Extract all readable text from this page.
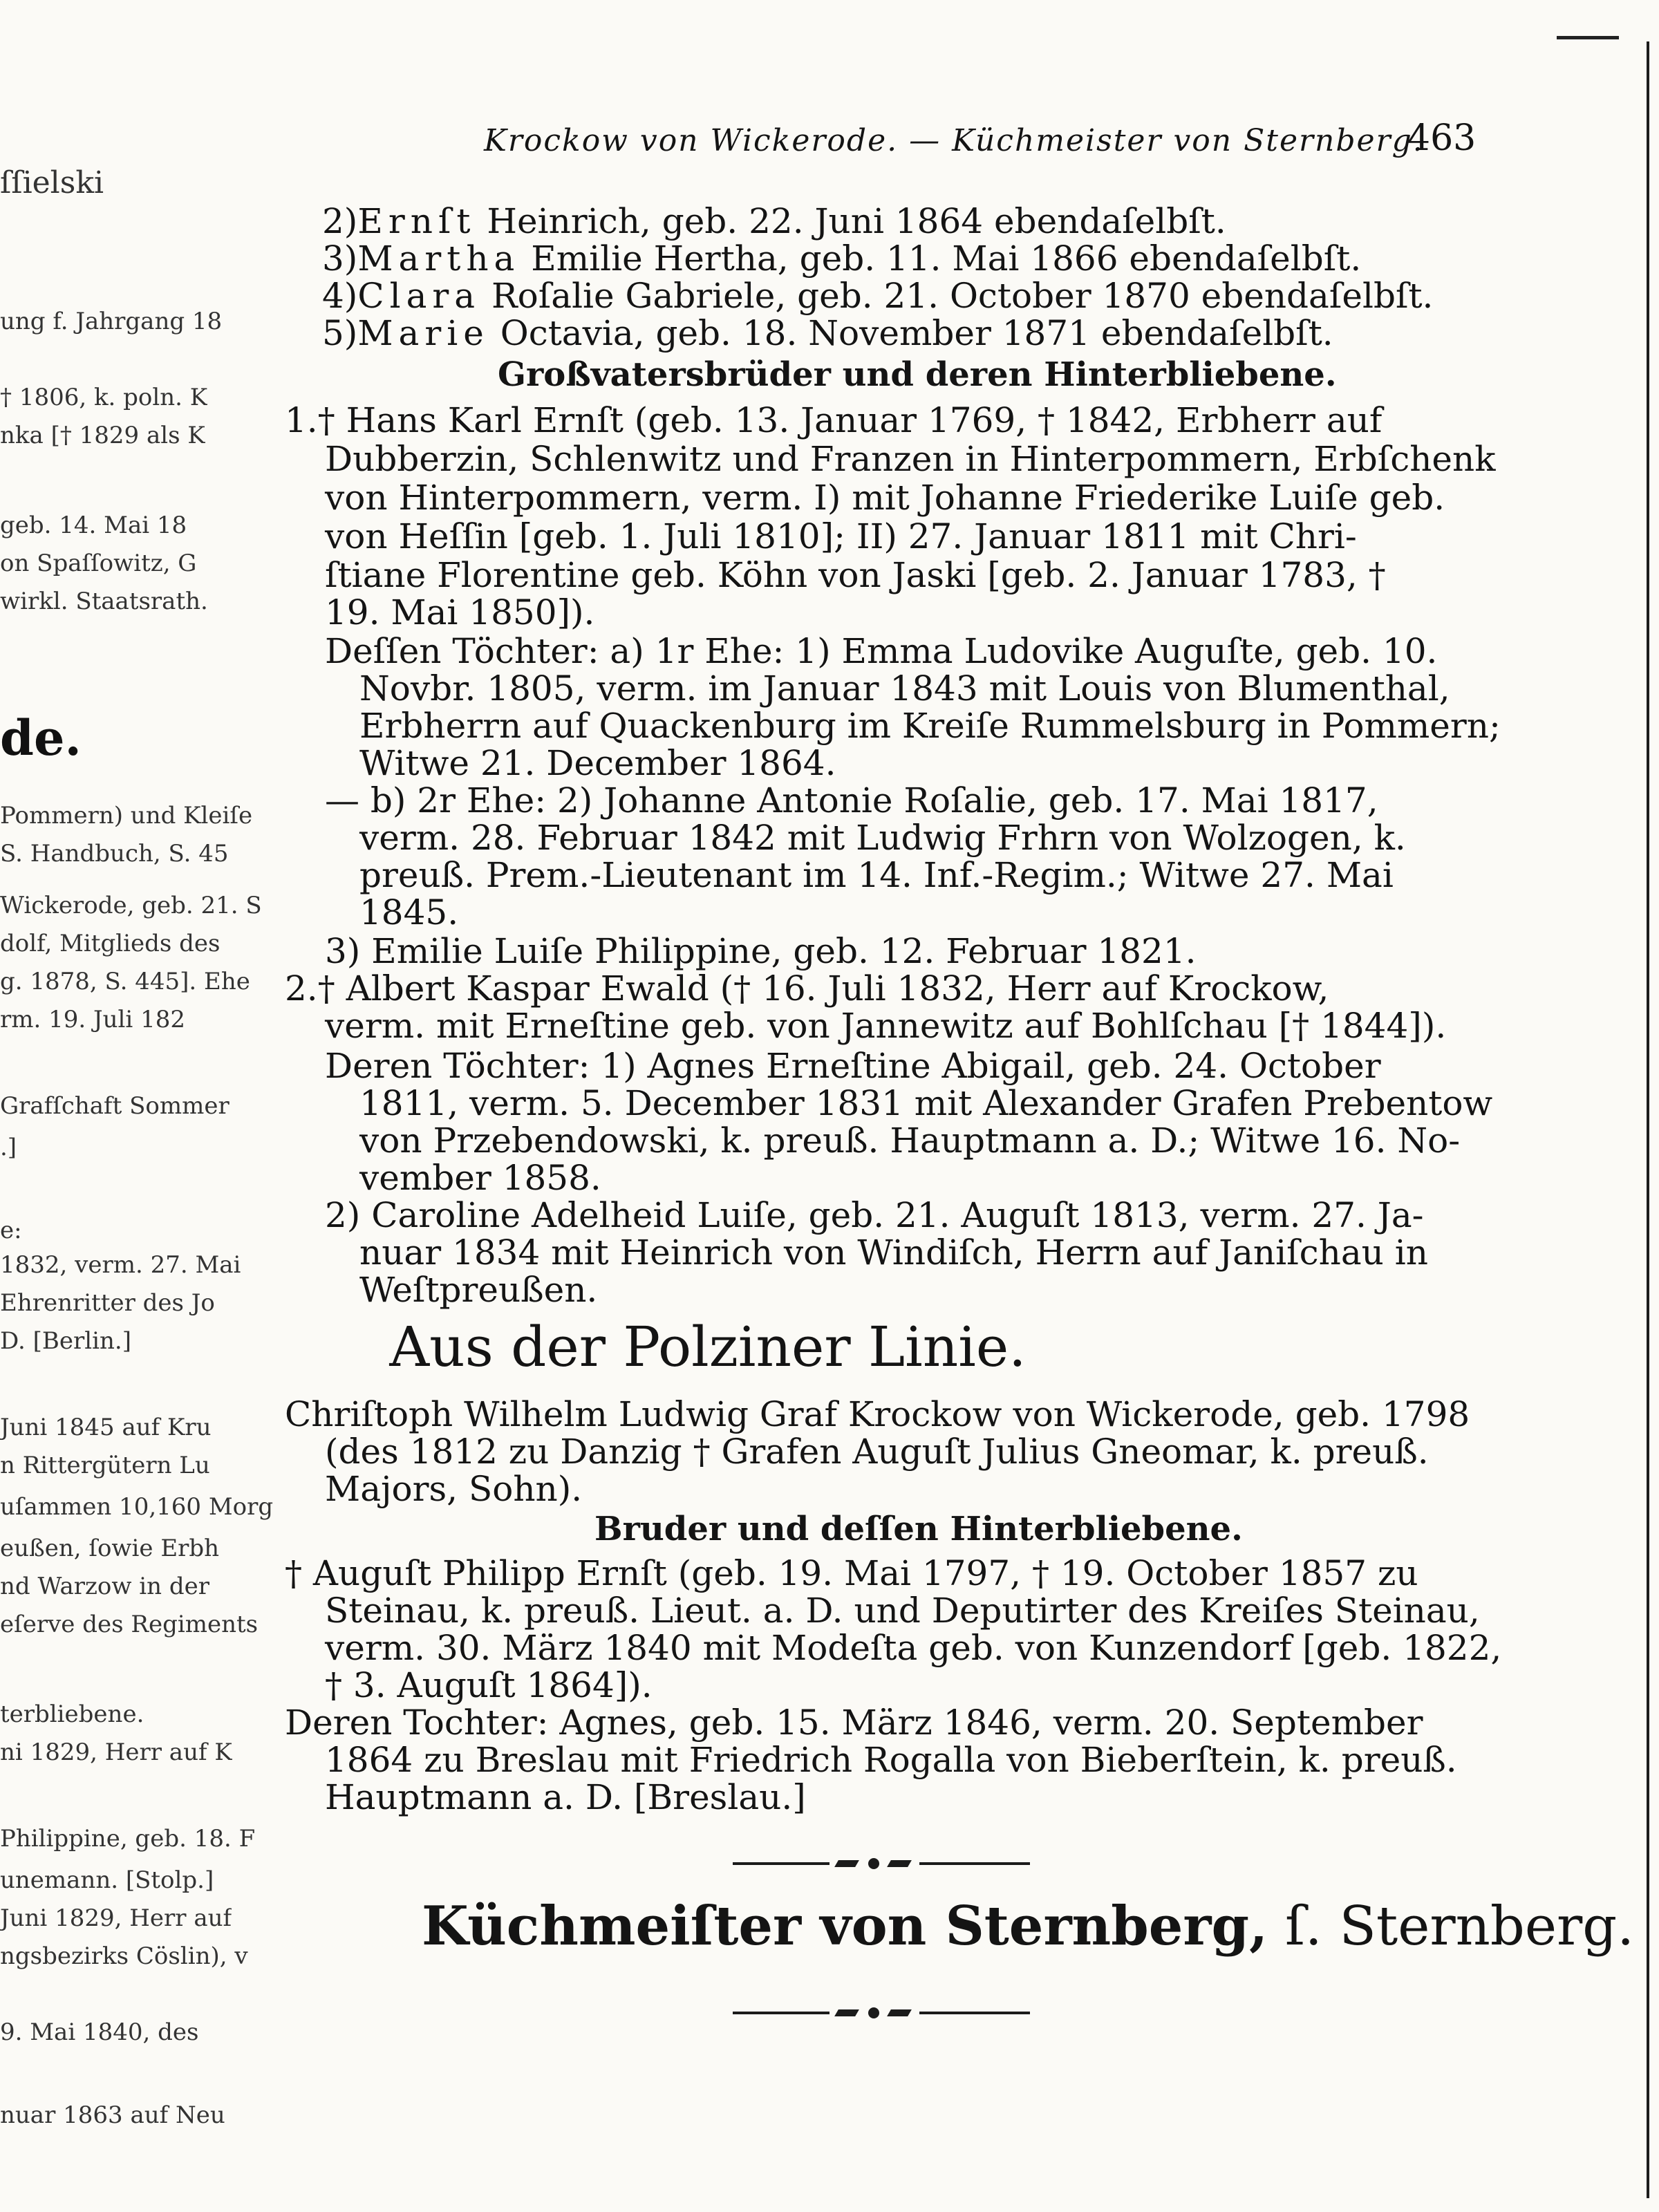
ſſielski
ung f. Jahrgang 18
† 1806, k. poln. K
nka [† 1829 als K
geb. 14. Mai 18
on Spaſſowitz, G
wirkl. Staatsrath.
de.
Pommern) und Kleiſe
S. Handbuch, S. 45
Wickerode, geb. 21. S
dolf, Mitglieds des
g. 1878, S. 445]. Ehe
rm. 19. Juli 182
Grafſchaft Sommer
.]
e:
1832, verm. 27. Mai
Ehrenritter des Jo
D. [Berlin.]
Juni 1845 auf Kru
n Rittergütern Lu
uſammen 10,160 Morg
eußen, ſowie Erbh
nd Warzow in der
eſerve des Regiments
terbliebene.
ni 1829, Herr auf K
Philippine, geb. 18. F
unemann. [Stolp.]
Juni 1829, Herr auf
ngsbezirks Cöslin), v
9. Mai 1840, des
nuar 1863 auf Neu
Krockow von Wickerode. — Küchmeister von Sternberg.
463
2)Ernſt Heinrich, geb. 22. Juni 1864 ebendaſelbſt.
3)Martha Emilie Hertha, geb. 11. Mai 1866 ebendaſelbſt.
4)Clara Roſalie Gabriele, geb. 21. October 1870 ebendaſelbſt.
5)Marie Octavia, geb. 18. November 1871 ebendaſelbſt.
Großvatersbrüder und deren Hinterbliebene.
1.† Hans Karl Ernſt (geb. 13. Januar 1769, † 1842, Erbherr auf
Dubberzin, Schlenwitz und Franzen in Hinterpommern, Erbſchenk
von Hinterpommern, verm. I) mit Johanne Friederike Luiſe geb.
von Heſſin [geb. 1. Juli 1810]; II) 27. Januar 1811 mit Chri-
ſtiane Florentine geb. Köhn von Jaski [geb. 2. Januar 1783, †
19. Mai 1850]).
Deſſen Töchter: a) 1r Ehe: 1) Emma Ludovike Auguſte, geb. 10.
Novbr. 1805, verm. im Januar 1843 mit Louis von Blumenthal,
Erbherrn auf Quackenburg im Kreiſe Rummelsburg in Pommern;
Witwe 21. December 1864.
— b) 2r Ehe: 2) Johanne Antonie Roſalie, geb. 17. Mai 1817,
verm. 28. Februar 1842 mit Ludwig Frhrn von Wolzogen, k.
preuß. Prem.-Lieutenant im 14. Inf.-Regim.; Witwe 27. Mai
1845.
3) Emilie Luiſe Philippine, geb. 12. Februar 1821.
2.† Albert Kaspar Ewald († 16. Juli 1832, Herr auf Krockow,
verm. mit Erneſtine geb. von Jannewitz auf Bohlſchau [† 1844]).
Deren Töchter: 1) Agnes Erneſtine Abigail, geb. 24. October
1811, verm. 5. December 1831 mit Alexander Grafen Prebentow
von Przebendowski, k. preuß. Hauptmann a. D.; Witwe 16. No-
vember 1858.
2) Caroline Adelheid Luiſe, geb. 21. Auguſt 1813, verm. 27. Ja-
nuar 1834 mit Heinrich von Windiſch, Herrn auf Janiſchau in
Weſtpreußen.
Aus der Polziner Linie.
Chriſtoph Wilhelm Ludwig Graf Krockow von Wickerode, geb. 1798
(des 1812 zu Danzig † Grafen Auguſt Julius Gneomar, k. preuß.
Majors, Sohn).
Bruder und deſſen Hinterbliebene.
† Auguſt Philipp Ernſt (geb. 19. Mai 1797, † 19. October 1857 zu
Steinau, k. preuß. Lieut. a. D. und Deputirter des Kreiſes Steinau,
verm. 30. März 1840 mit Modeſta geb. von Kunzendorf [geb. 1822,
† 3. Auguſt 1864]).
Deren Tochter: Agnes, geb. 15. März 1846, verm. 20. September
1864 zu Breslau mit Friedrich Rogalla von Bieberſtein, k. preuß.
Hauptmann a. D. [Breslau.]
Küchmeiſter von Sternberg, ſ. Sternberg.
